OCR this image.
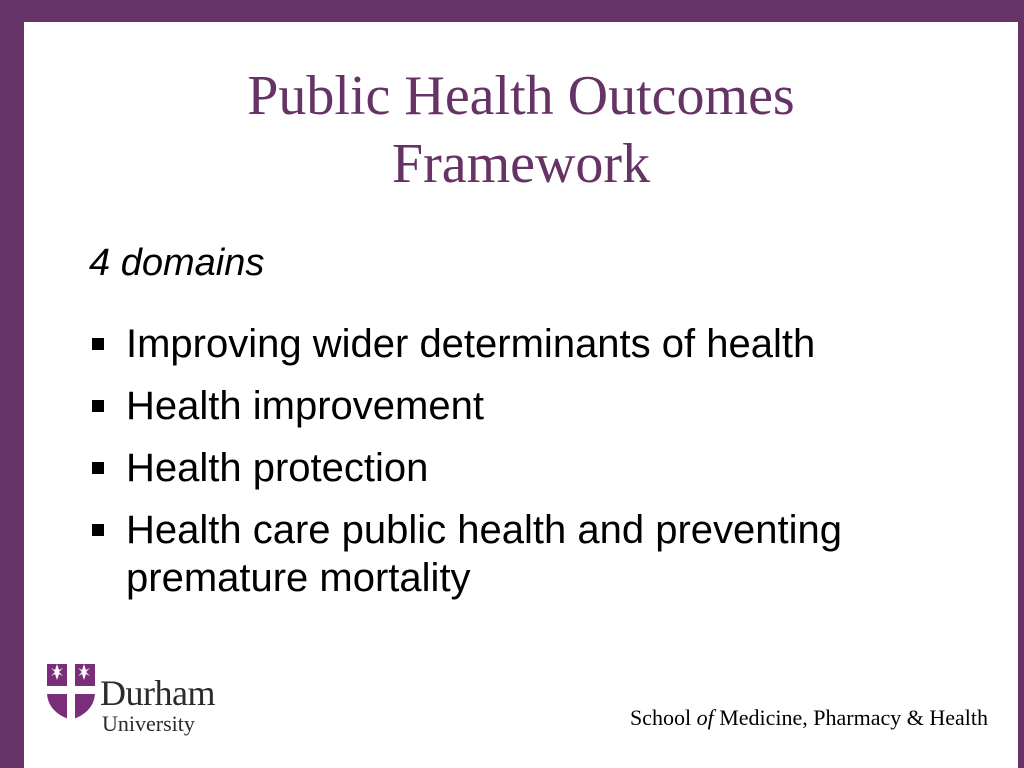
Public Health Outcomes
Framework
4 domains
Improving wider determinants of health
Health improvement
Health protection
Health care public health and preventing premature mortality
Durham
University	School of Medicine, Pharmacy & Health
